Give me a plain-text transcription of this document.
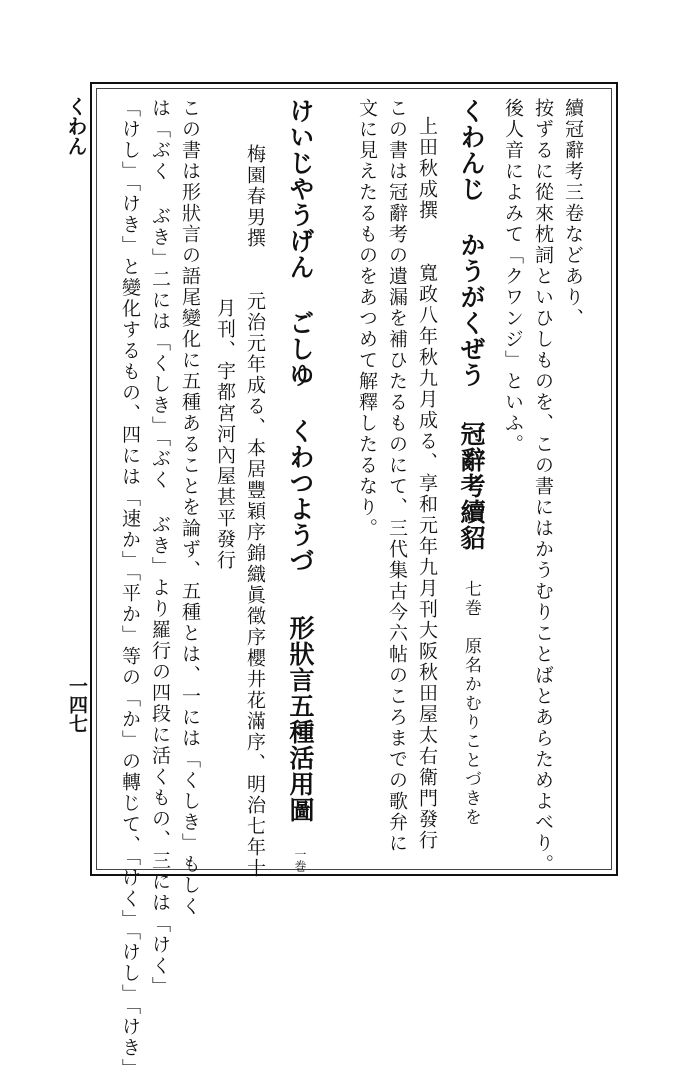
くわん
一四七
續冠辭考三卷などあり、
按ずるに從來枕詞といひしものを、この書にはかうむりことばとあらためよべり。
後人音によみて「クワンジ」といふ。
くわんじ かうがくぜう 冠辭考續貂 七巻 原名かむりことづきを
上田秋成撰　　寬政八年秋九月成る、享和元年九月刊大阪秋田屋太右衛門發行
この書は冠辭考の遺漏を補ひたるものにて、三代集古今六帖のころまでの歌弁に
文に見えたるものをあつめて解釋したるなり。
けいじやうげん ごしゆ くわつようづ 形狀言五種活用圖 一巻
梅園春男撰　　元治元年成る、本居豐穎序錦織眞徵序櫻井花滿序、明治七年十
月刊、宇都宮河內屋甚平發行
この書は形狀言の語尾變化に五種あることを論ず、五種とは、一には「くしき」もしく
は「ぶく ぶき」二には「くしき」「ぶく ぶき」より羅行の四段に活くもの、三には「けく」
「けし」「けき」と變化するもの、四には「速か」「平か」等の「か」の轉じて、「けく」「けし」「けき」
